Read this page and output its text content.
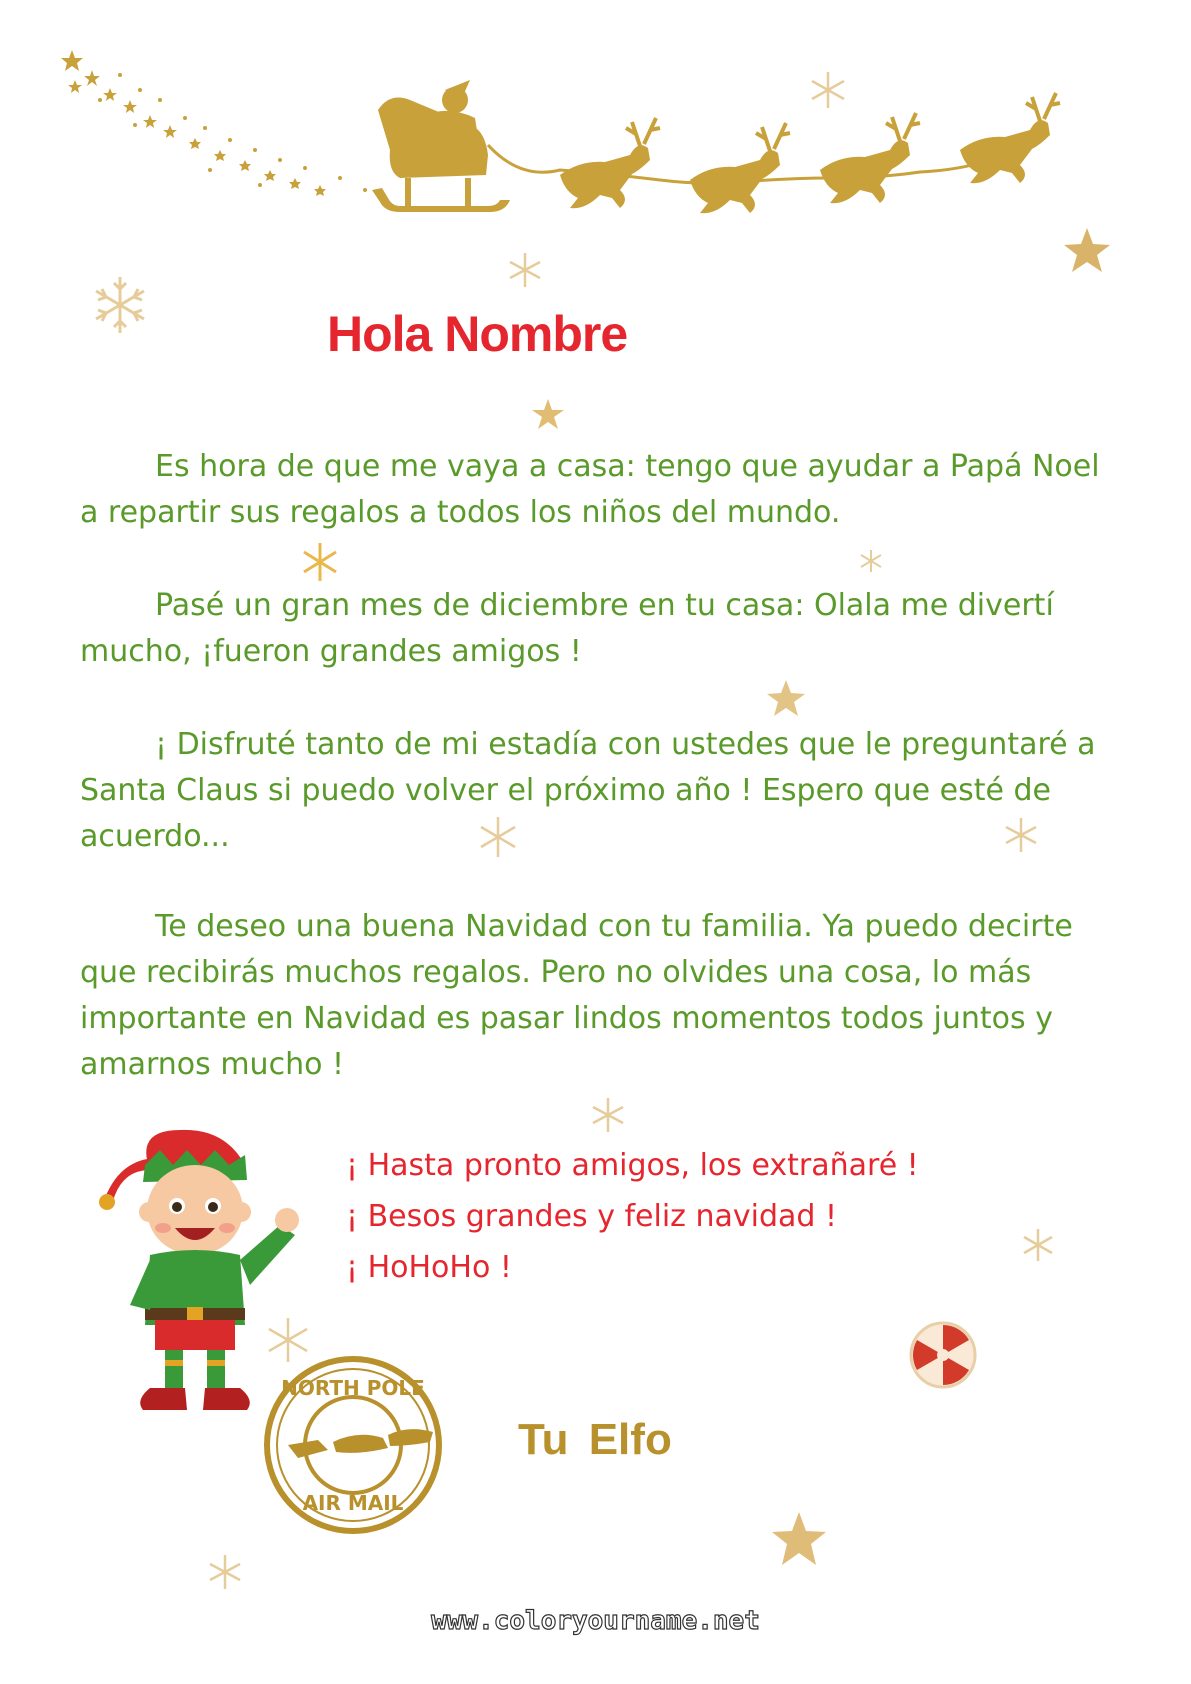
NORTH POLE
AIR MAIL
Hola Nombre

Es hora de que me vaya a casa: tengo que ayudar a Papá Noel a repartir sus regalos a todos los niños del mundo.

Pasé un gran mes de diciembre en tu casa: Olala me divertí mucho, ¡fueron grandes amigos !

¡ Disfruté tanto de mi estadía con ustedes que le preguntaré a Santa Claus si puedo volver el próximo año ! Espero que esté de acuerdo...

Te deseo una buena Navidad con tu familia. Ya puedo decirte que recibirás muchos regalos. Pero no olvides una cosa, lo más importante en Navidad es pasar lindos momentos todos juntos y amarnos mucho !

¡ Hasta pronto amigos, los extrañaré !
¡ Besos grandes y feliz navidad !
¡ HoHoHo !
Tu Elfo
www.coloryourname.net
